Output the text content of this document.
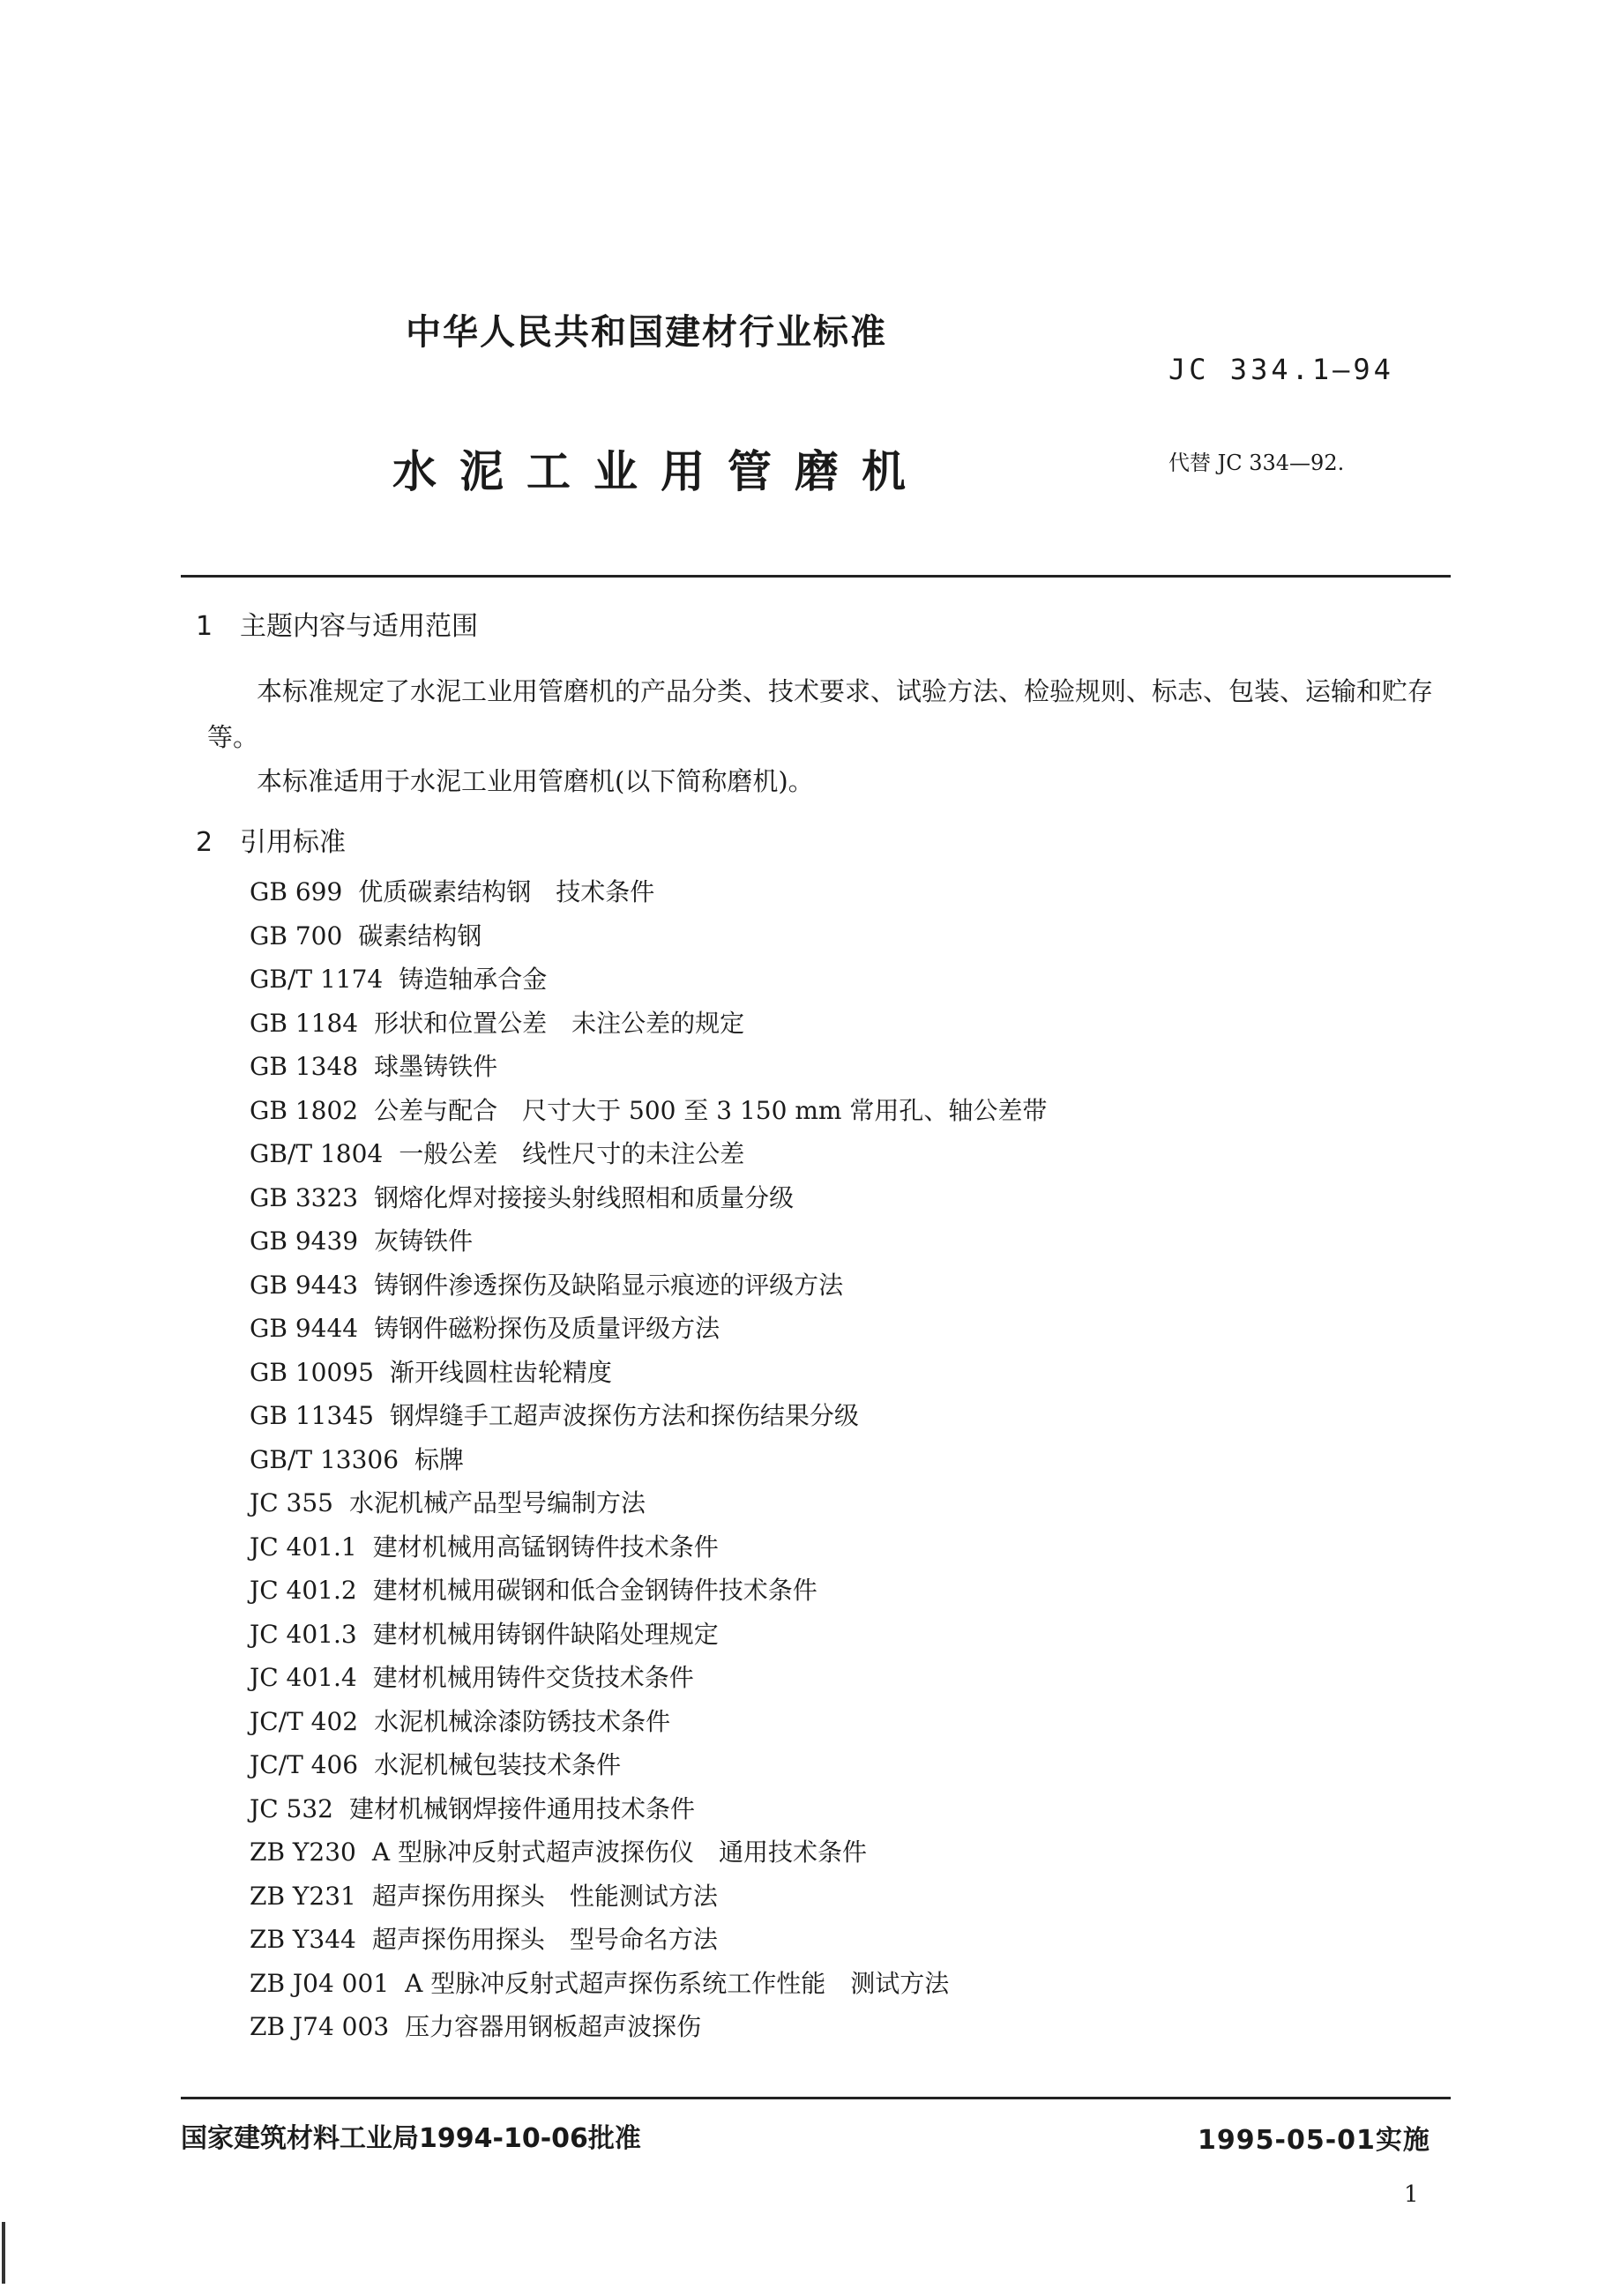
中华人民共和国建材行业标准
JC 334.1—94
水泥工业用管磨机	代替 JC 334—92.
1 主题内容与适用范围
本标准规定了水泥工业用管磨机的产品分类、技术要求、试验方法、检验规则、标志、包装、运输和贮存等。
本标准适用于水泥工业用管磨机(以下简称磨机)。
2 引用标准
GB 699 优质碳素结构钢　技术条件
GB 700 碳素结构钢
GB/T 1174 铸造轴承合金
GB 1184 形状和位置公差　未注公差的规定
GB 1348 球墨铸铁件
GB 1802 公差与配合　尺寸大于 500 至 3 150 mm 常用孔、轴公差带
GB/T 1804 一般公差　线性尺寸的未注公差
GB 3323 钢熔化焊对接接头射线照相和质量分级
GB 9439 灰铸铁件
GB 9443 铸钢件渗透探伤及缺陷显示痕迹的评级方法
GB 9444 铸钢件磁粉探伤及质量评级方法
GB 10095 渐开线圆柱齿轮精度
GB 11345 钢焊缝手工超声波探伤方法和探伤结果分级
GB/T 13306 标牌
JC 355 水泥机械产品型号编制方法
JC 401.1 建材机械用高锰钢铸件技术条件
JC 401.2 建材机械用碳钢和低合金钢铸件技术条件
JC 401.3 建材机械用铸钢件缺陷处理规定
JC 401.4 建材机械用铸件交货技术条件
JC/T 402 水泥机械涂漆防锈技术条件
JC/T 406 水泥机械包装技术条件
JC 532 建材机械钢焊接件通用技术条件
ZB Y230 A 型脉冲反射式超声波探伤仪　通用技术条件
ZB Y231 超声探伤用探头　性能测试方法
ZB Y344 超声探伤用探头　型号命名方法
ZB J04 001 A 型脉冲反射式超声探伤系统工作性能　测试方法
ZB J74 003 压力容器用钢板超声波探伤
国家建筑材料工业局1994-10-06批准	1995-05-01实施
1
